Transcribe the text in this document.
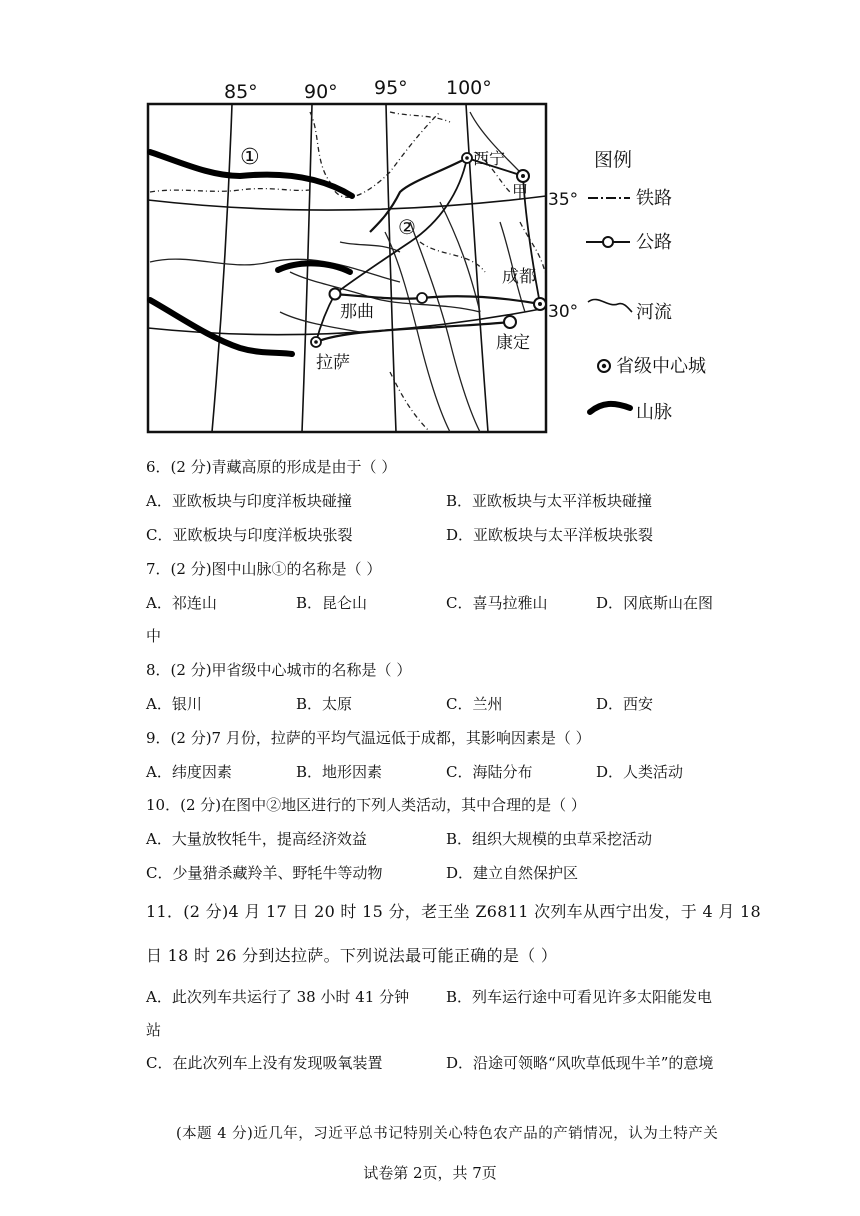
85° 90° 95° 100°
35°
30°
①
②
西宁
甲
成都
那曲
拉萨
康定
图例
铁路
公路
河流
省级中心城
山脉
6．(2 分)青藏高原的形成是由于（ ）
A．亚欧板块与印度洋板块碰撞	B．亚欧板块与太平洋板块碰撞
C．亚欧板块与印度洋板块张裂	D．亚欧板块与太平洋板块张裂
7．(2 分)图中山脉①的名称是（ ）
A．祁连山	B．昆仑山	C．喜马拉雅山	D．冈底斯山在图
中
8．(2 分)甲省级中心城市的名称是（ ）
A．银川	B．太原	C．兰州	D．西安
9．(2 分)7 月份，拉萨的平均气温远低于成都，其影响因素是（ ）
A．纬度因素	B．地形因素	C．海陆分布	D．人类活动
10．(2 分)在图中②地区进行的下列人类活动，其中合理的是（ ）
A．大量放牧牦牛，提高经济效益	B．组织大规模的虫草采挖活动
C．少量猎杀藏羚羊、野牦牛等动物	D．建立自然保护区
11．(2 分)4 月 17 日 20 时 15 分，老王坐 Z6811 次列车从西宁出发，于 4 月 18
日 18 时 26 分到达拉萨。下列说法最可能正确的是（ ）
A．此次列车共运行了 38 小时 41 分钟 B．列车运行途中可看见许多太阳能发电
站
C．在此次列车上没有发现吸氧装置	D．沿途可领略“风吹草低现牛羊”的意境
(本题 4 分)近几年，习近平总书记特别关心特色农产品的产销情况，认为土特产关
试卷第 2页，共 7页
